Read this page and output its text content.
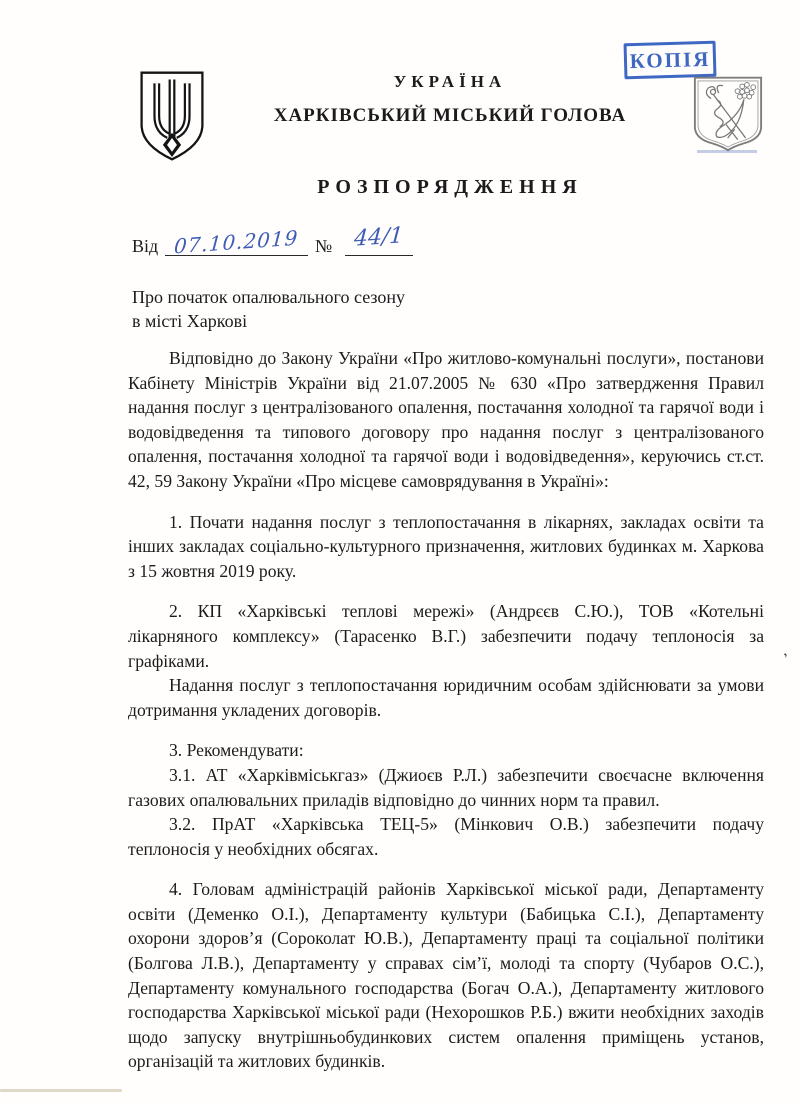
КОПІЯ
УКРАЇНА
ХАРКІВСЬКИЙ МІСЬКИЙ ГОЛОВА
РОЗПОРЯДЖЕННЯ
Від 07.10.2019 № 44/1
Про початок опалювального сезону
в місті Харкові

Відповідно до Закону України «Про житлово-комунальні послуги», постанови Кабінету Міністрів України від 21.07.2005 № 630 «Про затвердження Правил надання послуг з централізованого опалення, постачання холодної та гарячої води і водовідведення та типового договору про надання послуг з централізованого опалення, постачання холодної та гарячої води і водовідведення», керуючись ст.ст. 42, 59 Закону України «Про місцеве самоврядування в Україні»:

1. Почати надання послуг з теплопостачання в лікарнях, закладах освіти та інших закладах соціально-культурного призначення, житлових будинках м. Харкова з 15 жовтня 2019 року.

2. КП «Харківські теплові мережі» (Андрєєв С.Ю.), ТОВ «Котельні лікарняного комплексу» (Тарасенко В.Г.) забезпечити подачу теплоносія за графіками.

Надання послуг з теплопостачання юридичним особам здійснювати за умови дотримання укладених договорів.

3. Рекомендувати:

3.1. АТ «Харківміськгаз» (Джиоєв Р.Л.) забезпечити своєчасне включення газових опалювальних приладів відповідно до чинних норм та правил.

3.2. ПрАТ «Харківська ТЕЦ-5» (Мінкович О.В.) забезпечити подачу теплоносія у необхідних обсягах.

4. Головам адміністрацій районів Харківської міської ради, Департаменту освіти (Деменко О.І.), Департаменту культури (Бабицька С.І.), Департаменту охорони здоров’я (Сороколат Ю.В.), Департаменту праці та соціальної політики (Болгова Л.В.), Департаменту у справах сім’ї, молоді та спорту (Чубаров О.С.), Департаменту комунального господарства (Богач О.А.), Департаменту житлового господарства Харківської міської ради (Нехорошков Р.Б.) вжити необхідних заходів щодо запуску внутрішньобудинкових систем опалення приміщень установ, організацій та житлових будинків.

’
